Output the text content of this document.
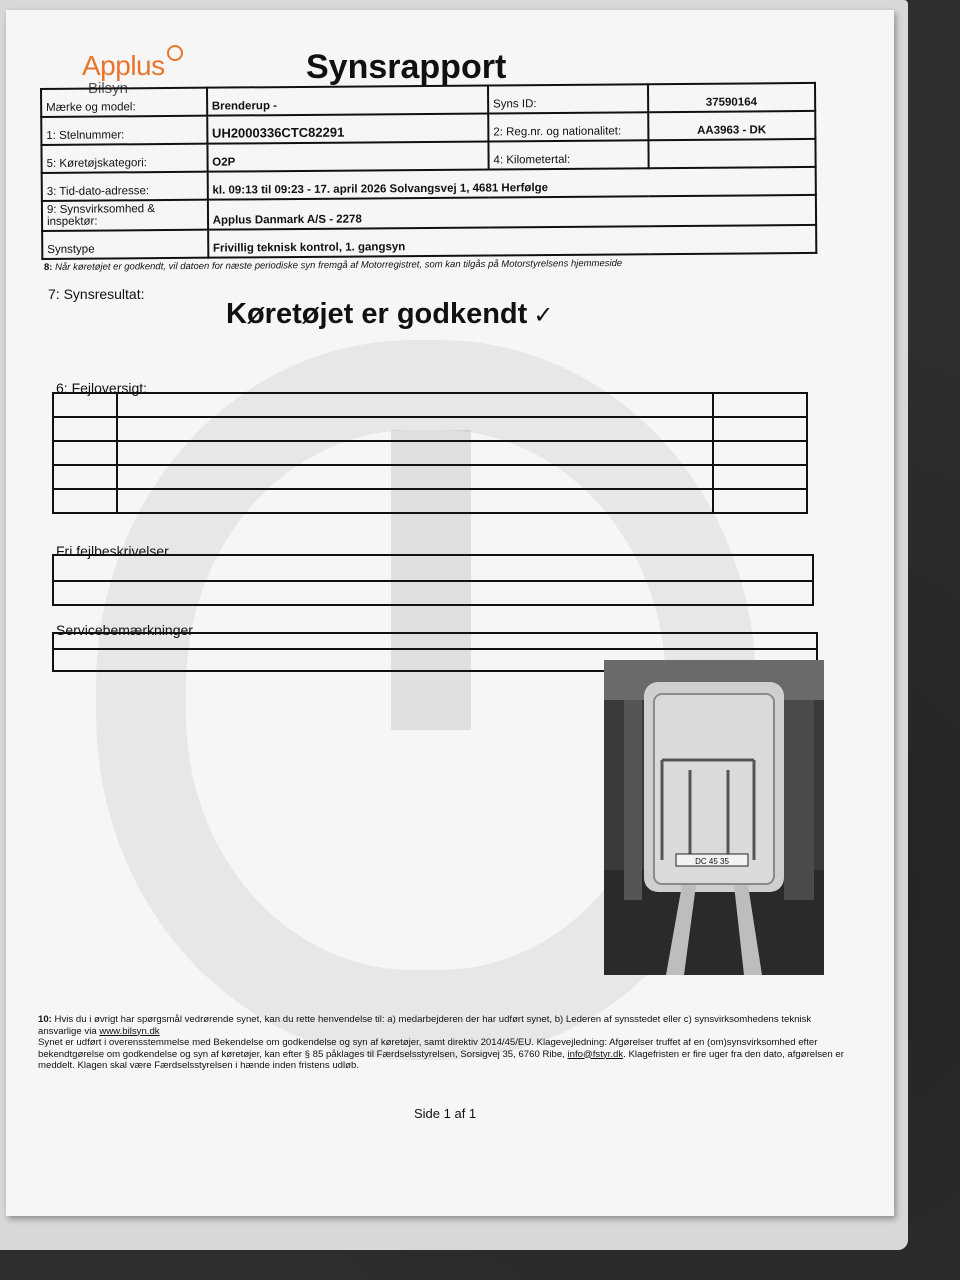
Applus
Bilsyn
Synsrapport
Mærke og model:	Brenderup -	Syns ID:	37590164
1: Stelnummer:	UH2000336CTC82291	2: Reg.nr. og nationalitet:	AA3963 - DK
5: Køretøjskategori:	O2P	4: Kilometertal:	
3: Tid-dato-adresse:	kl. 09:13 til 09:23 - 17. april 2026 Solvangsvej 1, 4681 Herfølge		
9: Synsvirksomhed & inspektør:	Applus Danmark A/S - 2278		
Synstype	Frivillig teknisk kontrol, 1. gangsyn		
8: Når køretøjet er godkendt, vil datoen for næste periodiske syn fremgå af Motorregistret, som kan tilgås på Motorstyrelsens hjemmeside
7: Synsresultat:
Køretøjet er godkendt ✓
6: Fejloversigt:

Fri fejlbeskrivelser
Servicebemærkninger
DC 45 35
10: Hvis du i øvrigt har spørgsmål vedrørende synet, kan du rette henvendelse til: a) medarbejderen der har udført synet, b) Lederen af synsstedet eller c) synsvirksomhedens teknisk ansvarlige via www.bilsyn.dk
Synet er udført i overensstemmelse med Bekendelse om godkendelse og syn af køretøjer, samt direktiv 2014/45/EU. Klagevejledning: Afgørelser truffet af en (om)synsvirksomhed efter bekendtgørelse om godkendelse og syn af køretøjer, kan efter § 85 påklages til Færdselsstyrelsen, Sorsigvej 35, 6760 Ribe, info@fstyr.dk. Klagefristen er fire uger fra den dato, afgørelsen er meddelt. Klagen skal være Færdselsstyrelsen i hænde inden fristens udløb.
Side 1 af 1
